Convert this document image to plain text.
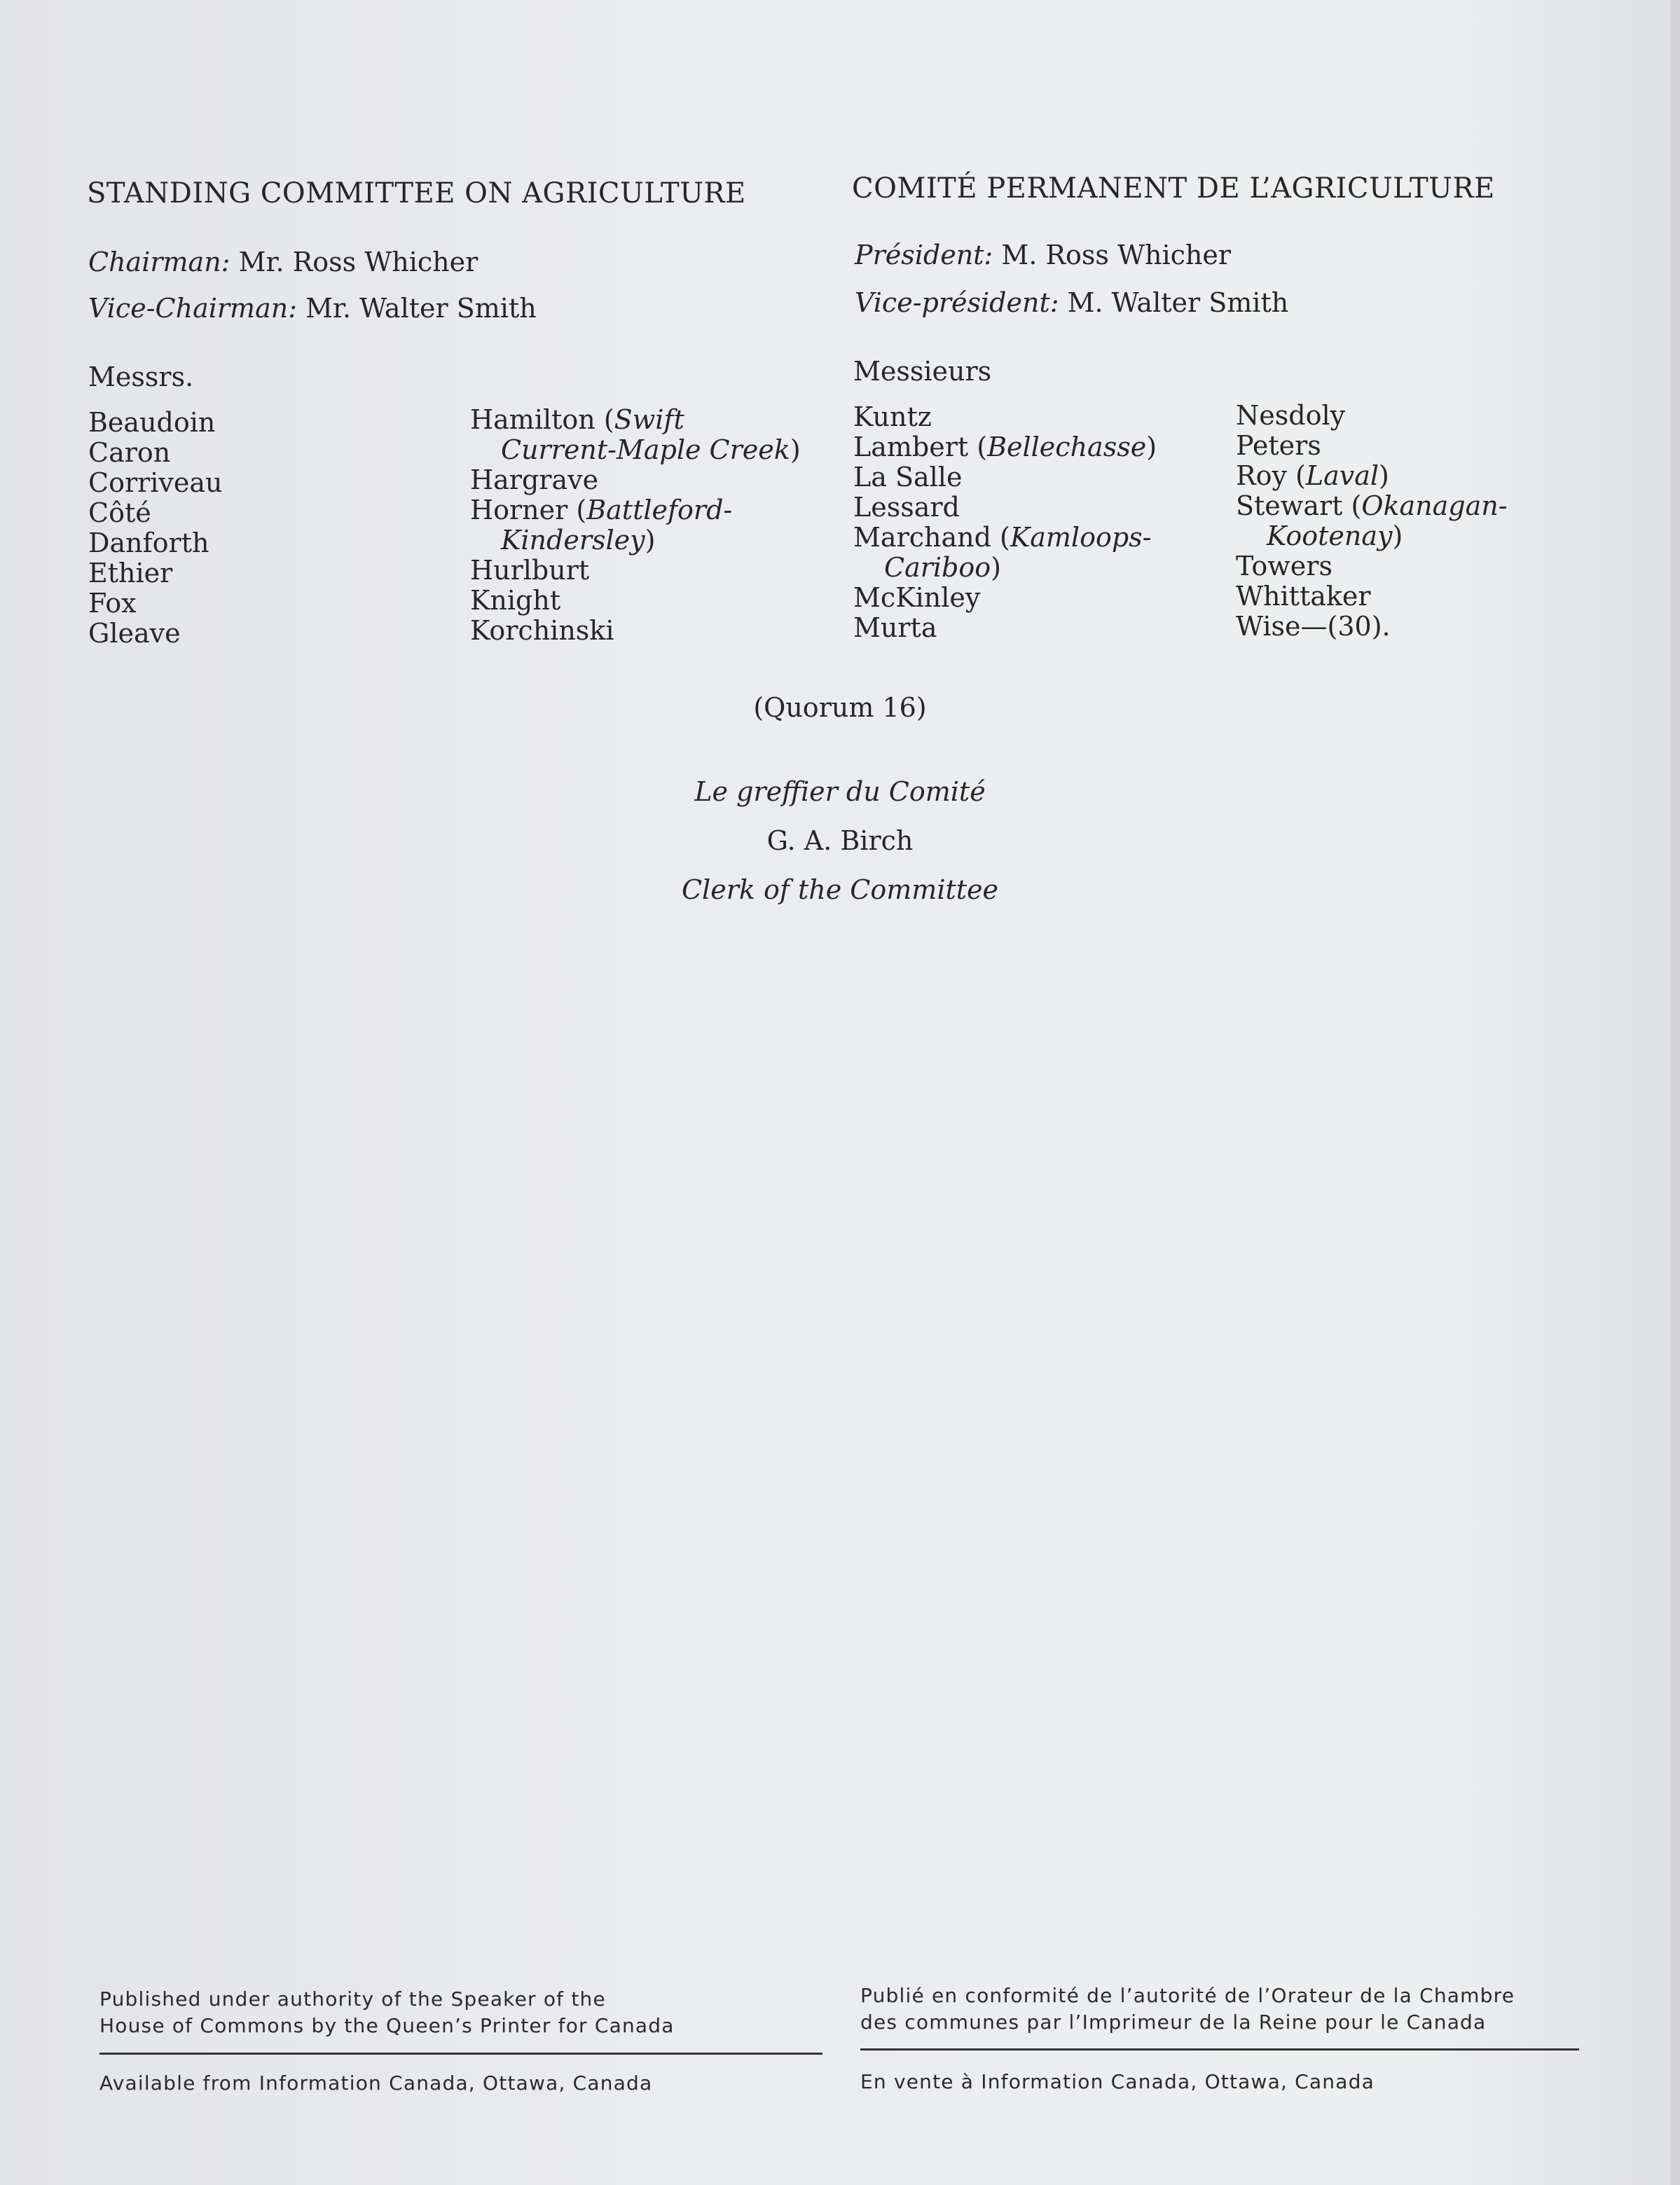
STANDING COMMITTEE ON AGRICULTURE
Chairman: Mr. Ross Whicher
Vice-Chairman: Mr. Walter Smith
Messrs.
Beaudoin
Caron
Corriveau
Côté
Danforth
Ethier
Fox
Gleave
Hamilton (Swift
Current-Maple Creek)
Hargrave
Horner (Battleford-
Kindersley)
Hurlburt
Knight
Korchinski
COMITÉ PERMANENT DE L’AGRICULTURE
Président: M. Ross Whicher
Vice-président: M. Walter Smith
Messieurs
Kuntz
Lambert (Bellechasse)
La Salle
Lessard
Marchand (Kamloops-
Cariboo)
McKinley
Murta
Nesdoly
Peters
Roy (Laval)
Stewart (Okanagan-
Kootenay)
Towers
Whittaker
Wise—(30).
(Quorum 16)
Le greffier du Comité
G. A. Birch
Clerk of the Committee
Published under authority of the Speaker of the
House of Commons by the Queen’s Printer for Canada
Available from Information Canada, Ottawa, Canada
Publié en conformité de l’autorité de l’Orateur de la Chambre
des communes par l’Imprimeur de la Reine pour le Canada
En vente à Information Canada, Ottawa, Canada
